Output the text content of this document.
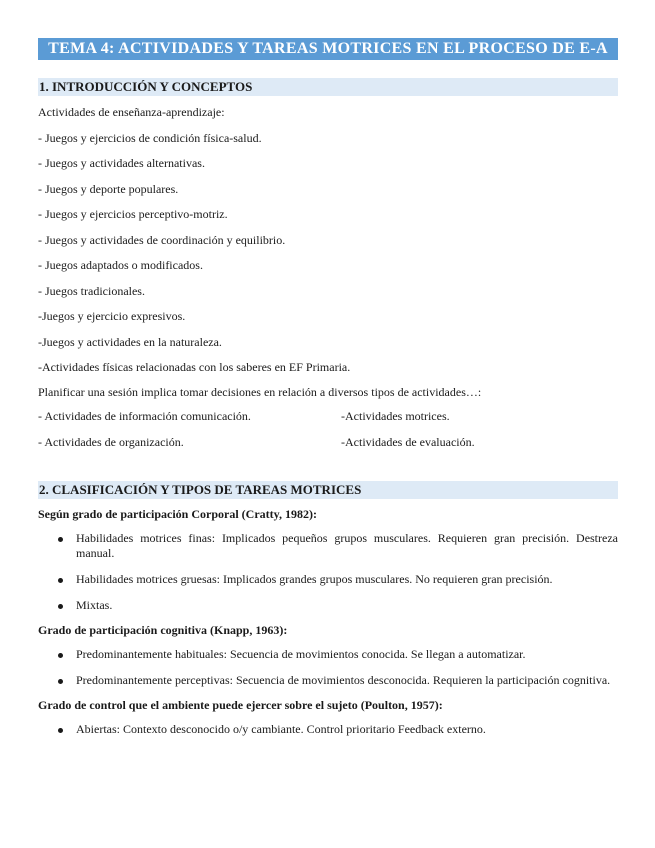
TEMA 4: ACTIVIDADES Y TAREAS MOTRICES EN EL PROCESO DE E-A
1. INTRODUCCIÓN Y CONCEPTOS

Actividades de enseñanza-aprendizaje:

- Juegos y ejercicios de condición física-salud.

- Juegos y actividades alternativas.

- Juegos y deporte populares.

- Juegos y ejercicios perceptivo-motriz.

- Juegos y actividades de coordinación y equilibrio.

- Juegos adaptados o modificados.

- Juegos tradicionales.

-Juegos y ejercicio expresivos.

-Juegos y actividades en la naturaleza.

-Actividades físicas relacionadas con los saberes en EF Primaria.

Planificar una sesión implica tomar decisiones en relación a diversos tipos de actividades…:

- Actividades de información comunicación.	-Actividades motrices.
- Actividades de organización.	-Actividades de evaluación.
2. CLASIFICACIÓN Y TIPOS DE TAREAS MOTRICES

Según grado de participación Corporal (Cratty, 1982):

Habilidades motrices finas: Implicados pequeños grupos musculares. Requieren gran precisión. Destreza manual.
Habilidades motrices gruesas: Implicados grandes grupos musculares. No requieren gran precisión.
Mixtas.

Grado de participación cognitiva (Knapp, 1963):

Predominantemente habituales: Secuencia de movimientos conocida. Se llegan a automatizar.
Predominantemente perceptivas: Secuencia de movimientos desconocida. Requieren la participación cognitiva.

Grado de control que el ambiente puede ejercer sobre el sujeto (Poulton, 1957):

Abiertas: Contexto desconocido o/y cambiante. Control prioritario Feedback externo.
